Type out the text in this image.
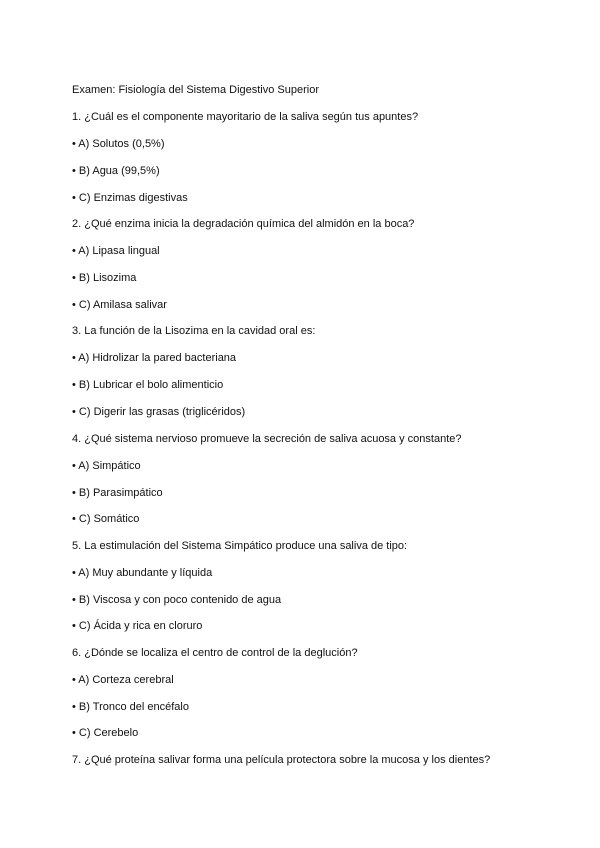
Examen: Fisiología del Sistema Digestivo Superior
1. ¿Cuál es el componente mayoritario de la saliva según tus apuntes?
• A) Solutos (0,5%)
• B) Agua (99,5%)
• C) Enzimas digestivas
2. ¿Qué enzima inicia la degradación química del almidón en la boca?
• A) Lipasa lingual
• B) Lisozima
• C) Amilasa salivar
3. La función de la Lisozima en la cavidad oral es:
• A) Hidrolizar la pared bacteriana
• B) Lubricar el bolo alimenticio
• C) Digerir las grasas (triglicéridos)
4. ¿Qué sistema nervioso promueve la secreción de saliva acuosa y constante?
• A) Simpático
• B) Parasimpático
• C) Somático
5. La estimulación del Sistema Simpático produce una saliva de tipo:
• A) Muy abundante y líquida
• B) Viscosa y con poco contenido de agua
• C) Ácida y rica en cloruro
6. ¿Dónde se localiza el centro de control de la deglución?
• A) Corteza cerebral
• B) Tronco del encéfalo
• C) Cerebelo
7. ¿Qué proteína salivar forma una película protectora sobre la mucosa y los dientes?
